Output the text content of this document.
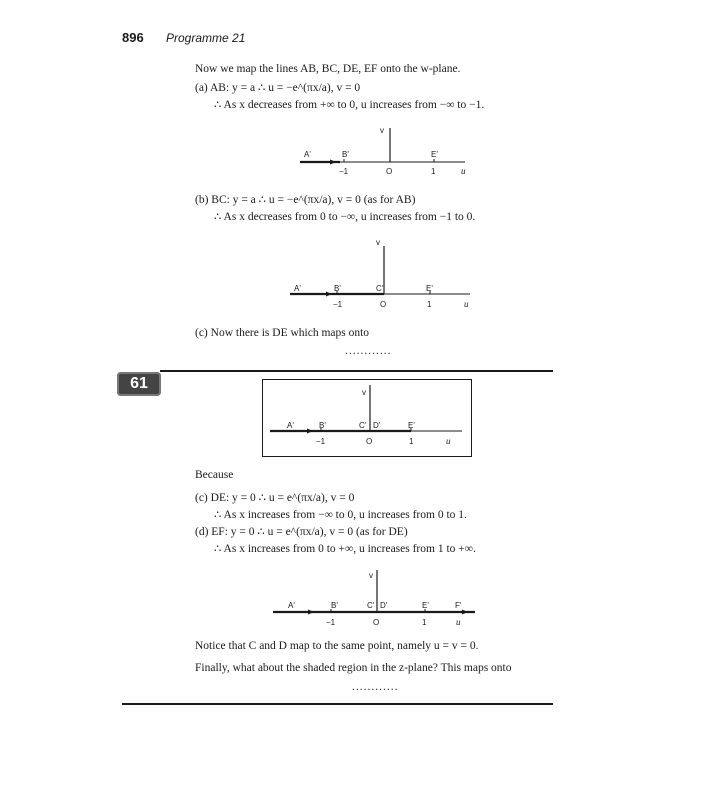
896 Programme 21
Now we map the lines AB, BC, DE, EF onto the w-plane.
(a) AB: y = a ∴ u = −e^(πx/a), v = 0
∴ As x decreases from +∞ to 0, u increases from −∞ to −1.
v
A'	B'	E'
−1	O	1	u
(b) BC: y = a ∴ u = −e^(πx/a), v = 0 (as for AB)
∴ As x decreases from 0 to −∞, u increases from −1 to 0.
v
A'	B'	C'	E'
−1	O	1	u
(c) Now there is DE which maps onto
............
61
v
A'	B'	C' D'	E'
−1	O	1	u
Because
(c) DE: y = 0 ∴ u = e^(πx/a), v = 0
∴ As x increases from −∞ to 0, u increases from 0 to 1.
(d) EF: y = 0 ∴ u = e^(πx/a), v = 0 (as for DE)
∴ As x increases from 0 to +∞, u increases from 1 to +∞.
v
A'	B'	C' D'	E'	F'
−1	O	1	u
Notice that C and D map to the same point, namely u = v = 0.
Finally, what about the shaded region in the z-plane? This maps onto
............
